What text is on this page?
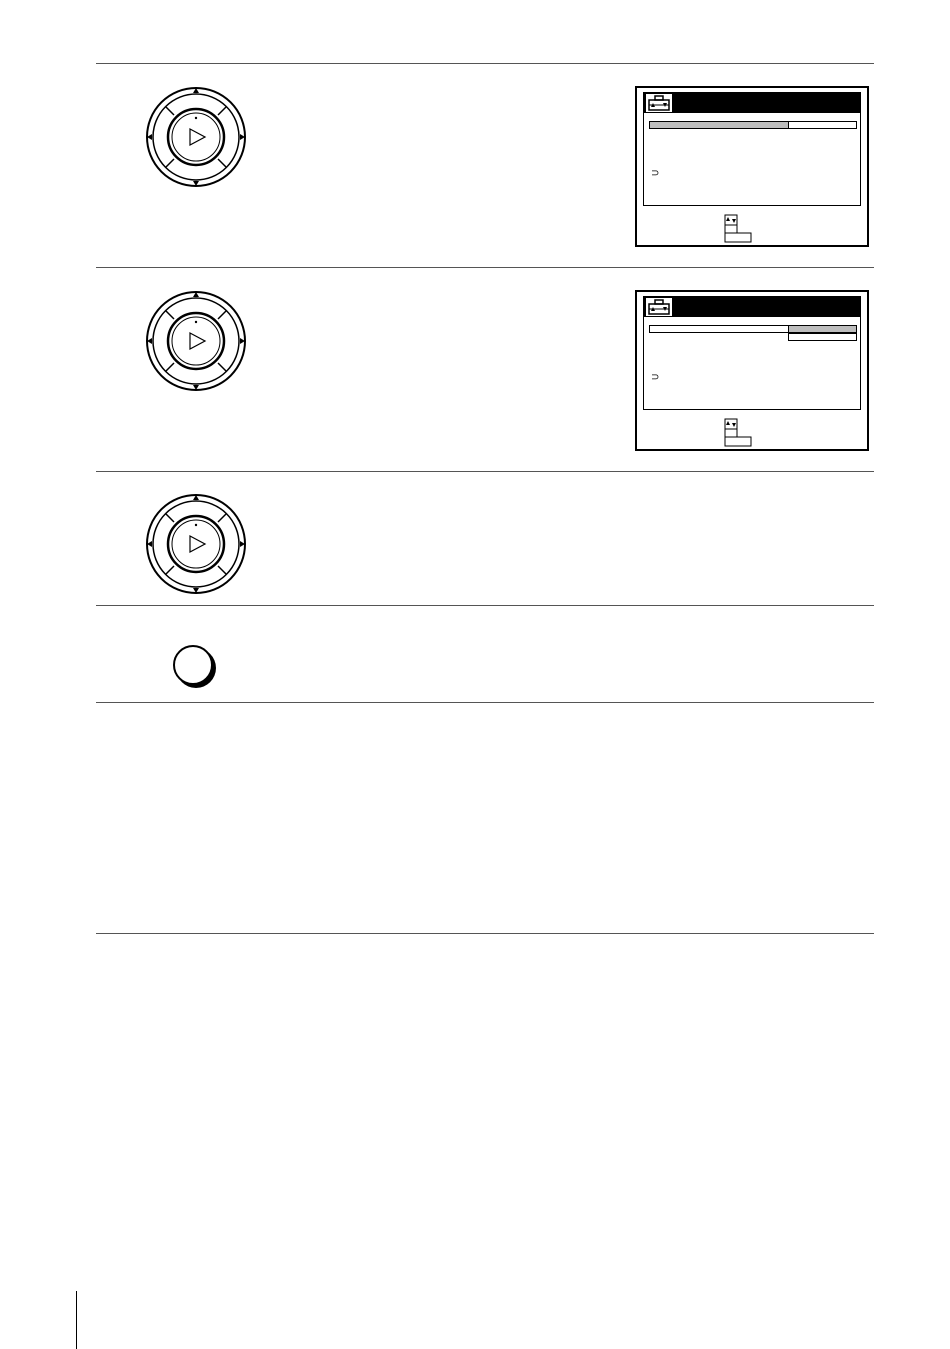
⊃
⊃
